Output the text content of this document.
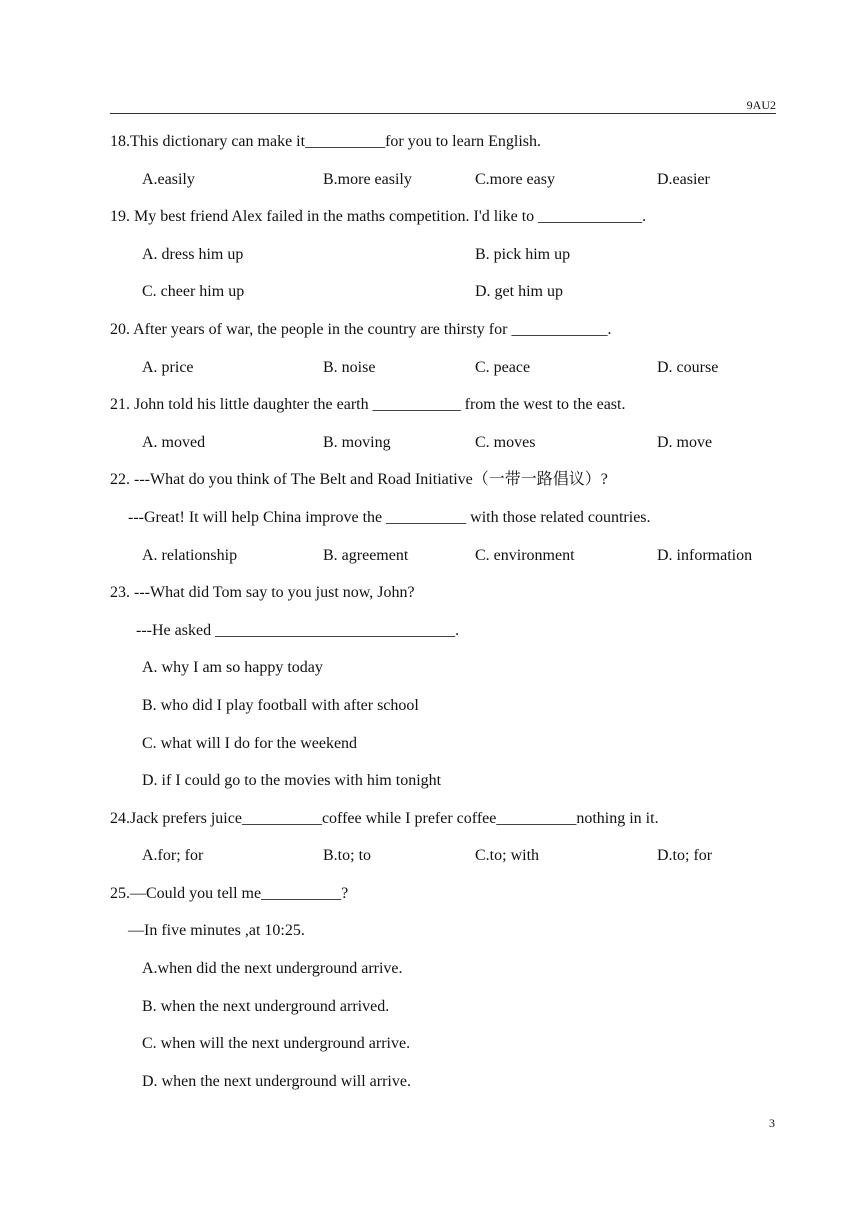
9AU2
18.This dictionary can make it__________for you to learn English.
A.easily	B.more easily	C.more easy	D.easier
19. My best friend Alex failed in the maths competition. I'd like to _____________.
A. dress him up	B. pick him up
C. cheer him up	D. get him up
20. After years of war, the people in the country are thirsty for ____________.
A. price	B. noise	C. peace	D. course
21. John told his little daughter the earth ___________ from the west to the east.
A. moved	B. moving	C. moves	D. move
22. ---What do you think of The Belt and Road Initiative（一带一路倡议）?
---Great! It will help China improve the __________ with those related countries.
A. relationship	B. agreement	C. environment	D. information
23. ---What did Tom say to you just now, John?
---He asked ______________________________.
A. why I am so happy today
B. who did I play football with after school
C. what will I do for the weekend
D. if I could go to the movies with him tonight
24.Jack prefers juice__________coffee while I prefer coffee__________nothing in it.
A.for; for	B.to; to	C.to; with	D.to; for
25.—Could you tell me__________?
—In five minutes ,at 10:25.
A.when did the next underground arrive.
B. when the next underground arrived.
C. when will the next underground arrive.
D. when the next underground will arrive.
3
